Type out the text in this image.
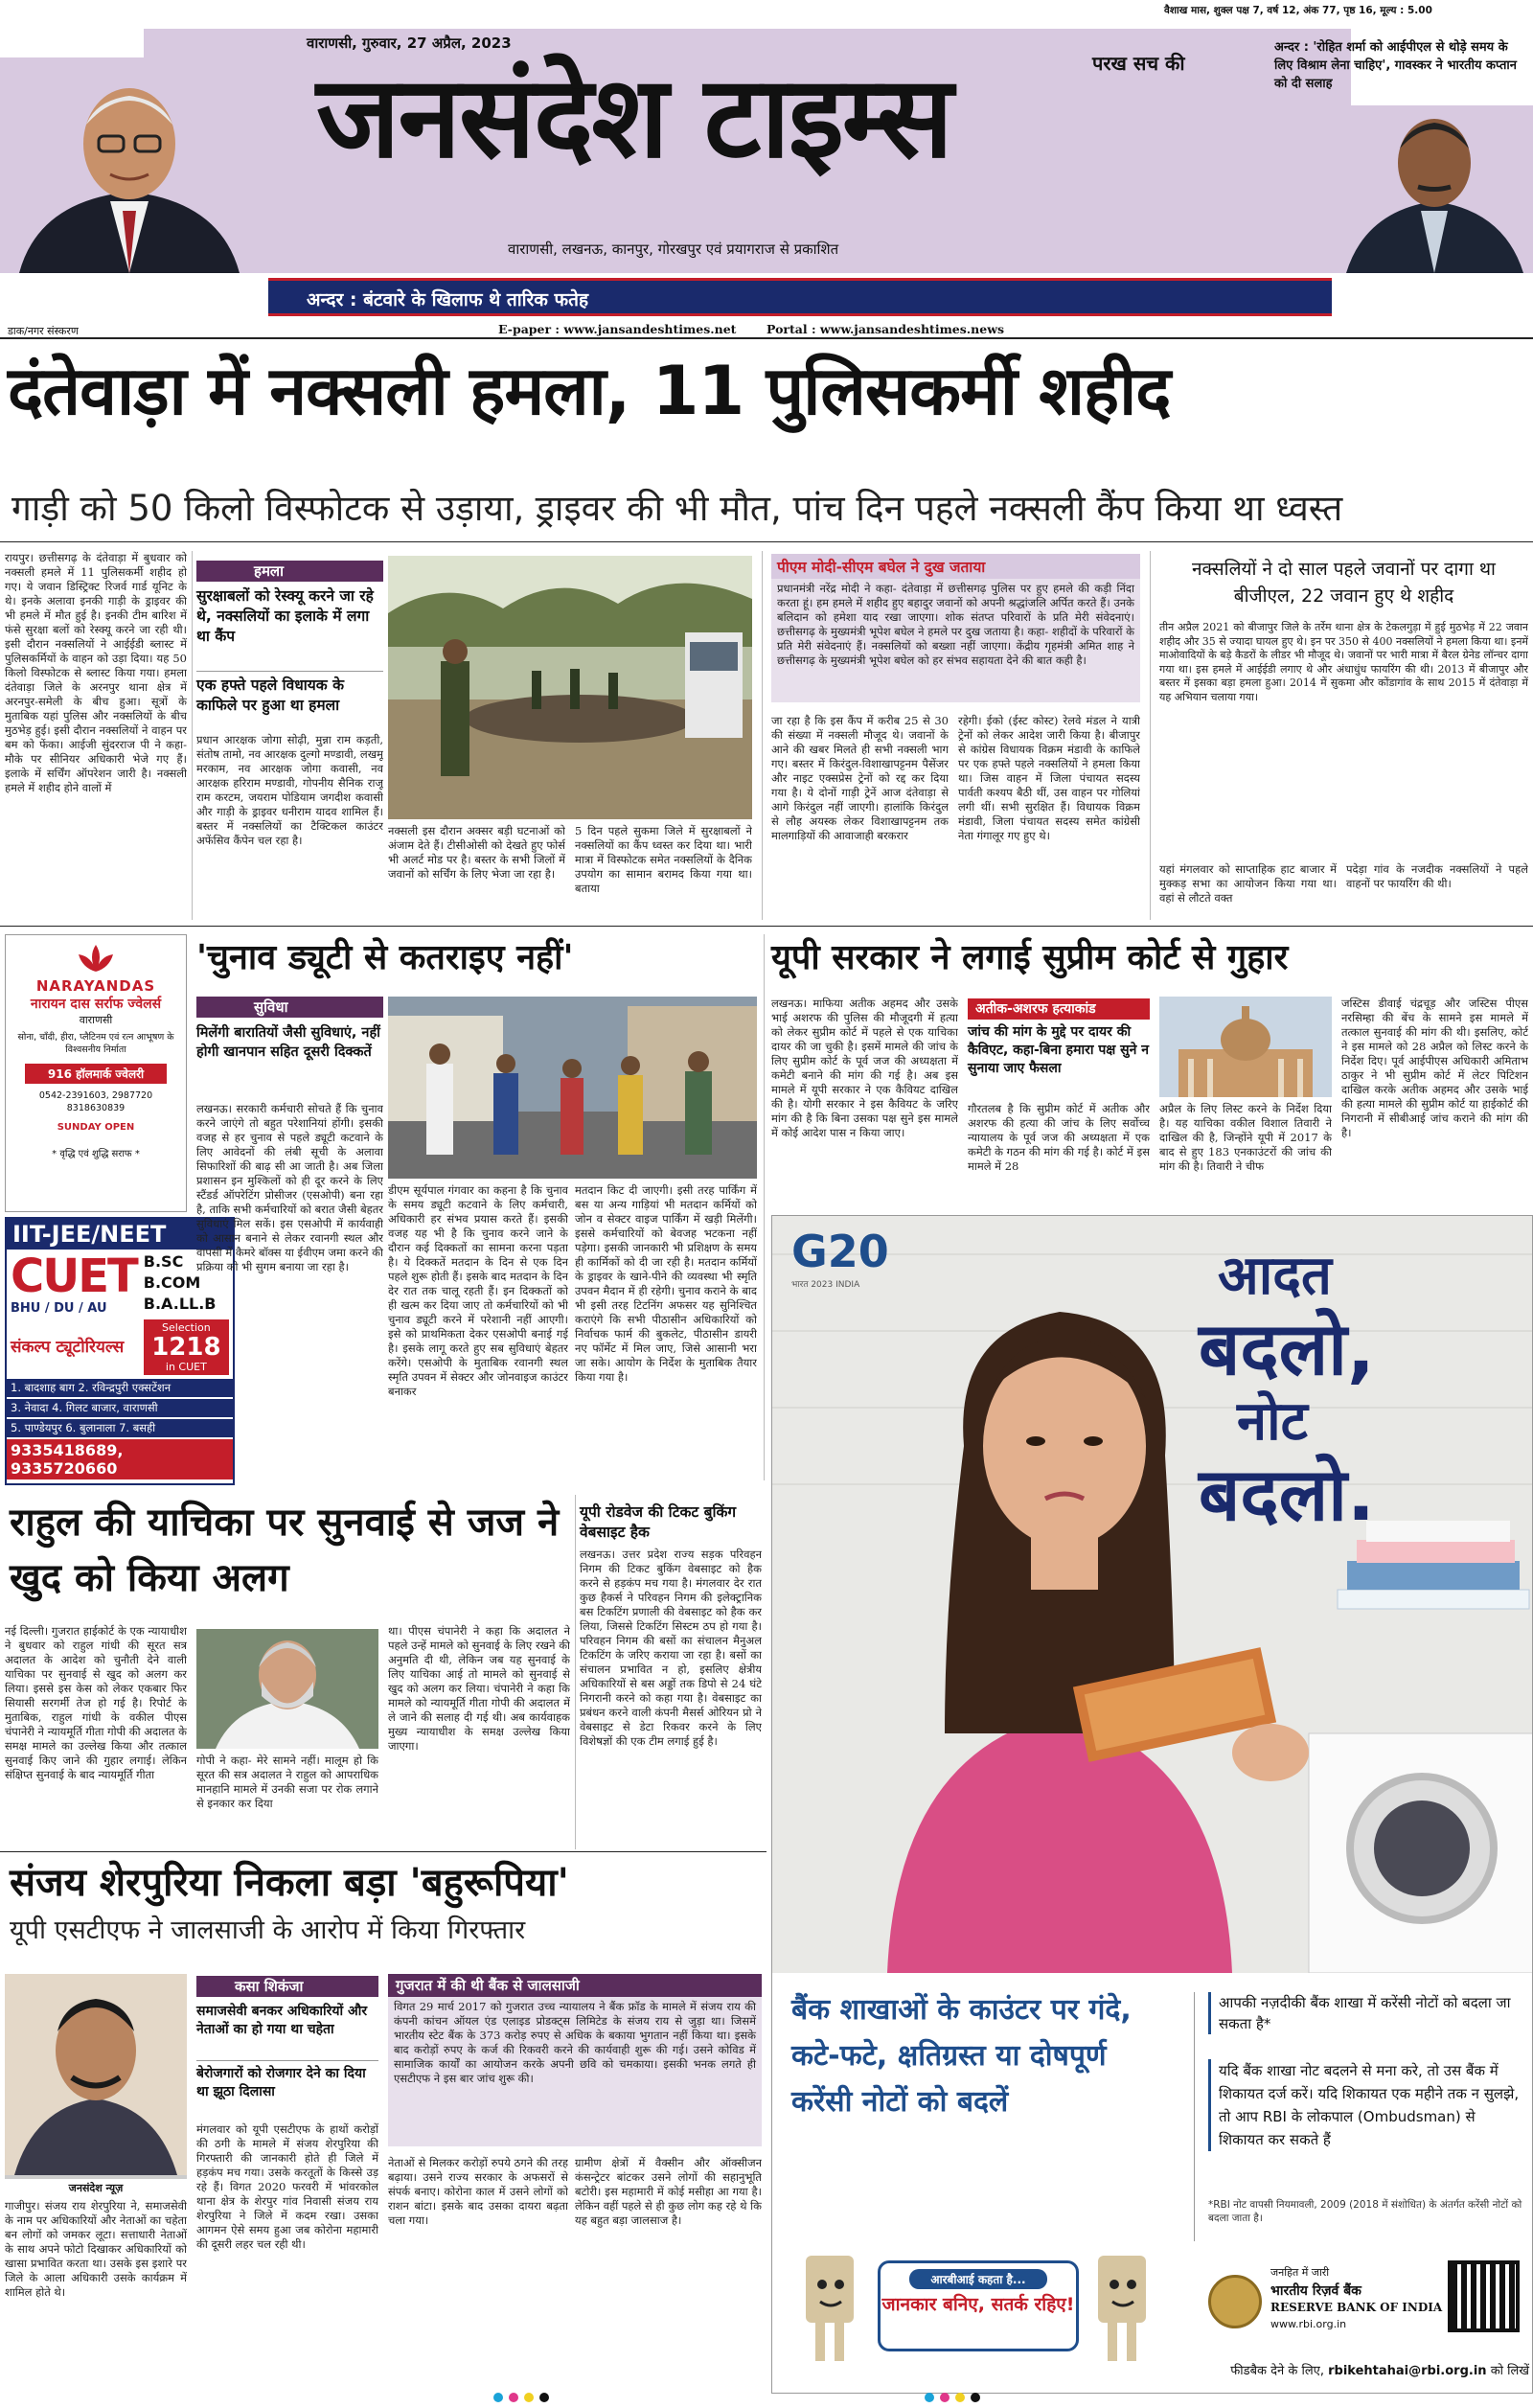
वाराणसी, गुरुवार, 27 अप्रैल, 2023
वैशाख मास, शुक्ल पक्ष 7, वर्ष 12, अंक 77, पृष्ठ 16, मूल्य : 5.00
अन्दर : 'रोहित शर्मा को आईपीएल से थोड़े समय के लिए विश्राम लेना चाहिए', गावस्कर ने भारतीय कप्तान को दी सलाह
जनसंदेश टाइम्स	परख सच की
वाराणसी, लखनऊ, कानपुर, गोरखपुर एवं प्रयागराज से प्रकाशित
अन्दर : बंटवारे के खिलाफ थे तारिक फतेह
डाक/नगर संस्करण	E-paper : www.jansandeshtimes.net	Portal : www.jansandeshtimes.news
दंतेवाड़ा में नक्सली हमला, 11 पुलिसकर्मी शहीद
गाड़ी को 50 किलो विस्फोटक से उड़ाया, ड्राइवर की भी मौत, पांच दिन पहले नक्सली कैंप किया था ध्वस्त
रायपुर। छत्तीसगढ़ के दंतेवाड़ा में बुधवार को नक्सली हमले में 11 पुलिसकर्मी शहीद हो गए। ये जवान डिस्ट्रिक्ट रिजर्व गार्ड यूनिट के थे। इनके अलावा इनकी गाड़ी के ड्राइवर की भी हमले में मौत हुई है। इनकी टीम बारिश में फंसे सुरक्षा बलों को रेस्क्यू करने जा रही थी। इसी दौरान नक्सलियों ने आईईडी ब्लास्ट में पुलिसकर्मियों के वाहन को उड़ा दिया। यह 50 किलो विस्फोटक से ब्लास्ट किया गया। हमला दंतेवाड़ा जिले के अरनपुर थाना क्षेत्र में अरनपुर-समेली के बीच हुआ। सूत्रों के मुताबिक यहां पुलिस और नक्सलियों के बीच मुठभेड़ हुई। इसी दौरान नक्सलियों ने वाहन पर बम को फेंका। आईजी सुंदरराज पी ने कहा- मौके पर सीनियर अधिकारी भेजे गए हैं। इलाके में सर्चिंग ऑपरेशन जारी है। नक्सली हमले में शहीद होने वालों में
हमला
सुरक्षाबलों को रेस्क्यू करने जा रहे थे, नक्सलियों का इलाके में लगा था कैंप
एक हफ्ते पहले विधायक के काफिले पर हुआ था हमला
प्रधान आरक्षक जोगा सोढ़ी, मुन्ना राम कड़ती, संतोष तामो, नव आरक्षक दुल्गो मण्डावी, लखमू मरकाम, नव आरक्षक जोगा कवासी, नव आरक्षक हरिराम मण्डावी, गोपनीय सैनिक राजू राम करटम, जयराम पोडियाम जगदीश कवासी और गाड़ी के ड्राइवर धनीराम यादव शामिल हैं। बस्तर में नक्सलियों का टैक्टिकल काउंटर अफेंसिव कैंपेन चल रहा है।
नक्सली इस दौरान अक्सर बड़ी घटनाओं को अंजाम देते हैं। टीसीओसी को देखते हुए फोर्स भी अलर्ट मोड पर है। बस्तर के सभी जिलों में जवानों को सर्चिंग के लिए भेजा जा रहा है।
5 दिन पहले सुकमा जिले में सुरक्षाबलों ने नक्सलियों का कैंप ध्वस्त कर दिया था। भारी मात्रा में विस्फोटक समेत नक्सलियों के दैनिक उपयोग का सामान बरामद किया गया था। बताया
पीएम मोदी-सीएम बघेल ने दुख जताया
प्रधानमंत्री नरेंद्र मोदी ने कहा- दंतेवाड़ा में छत्तीसगढ़ पुलिस पर हुए हमले की कड़ी निंदा करता हूं। हम हमले में शहीद हुए बहादुर जवानों को अपनी श्रद्धांजलि अर्पित करते हैं। उनके बलिदान को हमेशा याद रखा जाएगा। शोक संतप्त परिवारों के प्रति मेरी संवेदनाएं। छत्तीसगढ़ के मुख्यमंत्री भूपेश बघेल ने हमले पर दुख जताया है। कहा- शहीदों के परिवारों के प्रति मेरी संवेदनाएं हैं। नक्सलियों को बख्शा नहीं जाएगा। केंद्रीय गृहमंत्री अमित शाह ने छत्तीसगढ़ के मुख्यमंत्री भूपेश बघेल को हर संभव सहायता देने की बात कही है।
जा रहा है कि इस कैंप में करीब 25 से 30 की संख्या में नक्सली मौजूद थे। जवानों के आने की खबर मिलते ही सभी नक्सली भाग गए। बस्तर में किरंदुल-विशाखापट्टनम पैसेंजर और नाइट एक्सप्रेस ट्रेनों को रद्द कर दिया गया है। ये दोनों गाड़ी ट्रेनें आज दंतेवाड़ा से आगे किरंदुल नहीं जाएगी। हालांकि किरंदुल से लौह अयस्क लेकर विशाखापट्टनम तक मालगाड़ियों की आवाजाही बरकरार
रहेगी। ईको (ईस्ट कोस्ट) रेलवे मंडल ने यात्री ट्रेनों को लेकर आदेश जारी किया है। बीजापुर से कांग्रेस विधायक विक्रम मंडावी के काफिले पर एक हफ्ते पहले नक्सलियों ने हमला किया था। जिस वाहन में जिला पंचायत सदस्य पार्वती कश्यप बैठी थीं, उस वाहन पर गोलियां लगी थीं। सभी सुरक्षित हैं। विधायक विक्रम मंडावी, जिला पंचायत सदस्य समेत कांग्रेसी नेता गंगालूर गए हुए थे।
नक्सलियों ने दो साल पहले जवानों पर दागा था बीजीएल, 22 जवान हुए थे शहीद
तीन अप्रैल 2021 को बीजापुर जिले के तर्रेम थाना क्षेत्र के टेकलगुड़ा में हुई मुठभेड़ में 22 जवान शहीद और 35 से ज्यादा घायल हुए थे। इन पर 350 से 400 नक्सलियों ने हमला किया था। इनमें माओवादियों के बड़े कैडरों के लीडर भी मौजूद थे। जवानों पर भारी मात्रा में बैरल ग्रेनेड लॉन्चर दागा गया था। इस हमले में आईईडी लगाए थे और अंधाधुंध फायरिंग की थी। 2013 में बीजापुर और बस्तर में इसका बड़ा हमला हुआ। 2014 में सुकमा और कोंडागांव के साथ 2015 में दंतेवाड़ा में यह अभियान चलाया गया।
यहां मंगलवार को साप्ताहिक हाट बाजार में मुक्कड़ सभा का आयोजन किया गया था। वहां से लौटते वक्त
पदेड़ा गांव के नजदीक नक्सलियों ने पहले वाहनों पर फायरिंग की थी।
NARAYANDAS
नारायन दास सर्राफ ज्वेलर्स
वाराणसी
सोना, चाँदी, हीरा, प्लैटिनम एवं रत्न आभूषण के विश्वसनीय निर्माता
916 हॉलमार्क ज्वेलरी
0542-2391603, 2987720 8318630839
SUNDAY OPEN
* वृद्धि एवं शुद्धि सराफ *
IIT-JEE/NEET
CUET
BHU / DU / AU
B.SC B.COM B.A.LL.B
संकल्प ट्यूटोरियल्स
Selection
1218
in CUET
1. बादशाह बाग 2. रविन्द्रपुरी एक्सटेंशन
3. नेवादा 4. गिलट बाजार, वाराणसी
5. पाण्डेयपुर 6. बुलानाला 7. बसही
9335418689, 9335720660
'चुनाव ड्यूटी से कतराइए नहीं'
सुविधा
मिलेंगी बारातियों जैसी सुविधाएं, नहीं होगी खानपान सहित दूसरी दिक्कतें
लखनऊ। सरकारी कर्मचारी सोचते हैं कि चुनाव करने जाएंगे तो बहुत परेशानियां होंगी। इसकी वजह से हर चुनाव से पहले ड्यूटी कटवाने के लिए आवेदनों की लंबी सूची के अलावा सिफारिशों की बाढ़ सी आ जाती है। अब जिला प्रशासन इन मुश्किलों को ही दूर करने के लिए स्टैंडर्ड ऑपरेटिंग प्रोसीजर (एसओपी) बना रहा है, ताकि सभी कर्मचारियों को बरात जैसी बेहतर सुविधाएं मिल सकें। इस एसओपी में कार्यवाही को आसान बनाने से लेकर रवानगी स्थल और वापसी में कैमरे बॉक्स या ईवीएम जमा करने की प्रक्रिया को भी सुगम बनाया जा रहा है।
डीएम सूर्यपाल गंगवार का कहना है कि चुनाव के समय ड्यूटी कटवाने के लिए कर्मचारी, अधिकारी हर संभव प्रयास करते हैं। इसकी वजह यह भी है कि चुनाव करने जाने के दौरान कई दिक्कतों का सामना करना पड़ता है। ये दिक्कतें मतदान के दिन से एक दिन पहले शुरू होती हैं। इसके बाद मतदान के दिन देर रात तक चालू रहती हैं। इन दिक्कतों को ही खत्म कर दिया जाए तो कर्मचारियों को भी चुनाव ड्यूटी करने में परेशानी नहीं आएगी। इसे को प्राथमिकता देकर एसओपी बनाई गई है। इसके लागू करते हुए सब सुविधाएं बेहतर करेंगे। एसओपी के मुताबिक रवानगी स्थल स्मृति उपवन में सेक्टर और जोनवाइज काउंटर बनाकर
मतदान किट दी जाएगी। इसी तरह पार्किंग में बस या अन्य गाड़ियां भी मतदान कर्मियों को जोन व सेक्टर वाइज पार्किंग में खड़ी मिलेंगी। इससे कर्मचारियों को बेवजह भटकना नहीं पड़ेगा। इसकी जानकारी भी प्रशिक्षण के समय ही कार्मिकों को दी जा रही है। मतदान कर्मियों के ड्राइवर के खाने-पीने की व्यवस्था भी स्मृति उपवन मैदान में ही रहेगी। चुनाव कराने के बाद भी इसी तरह टिटनिंग अफसर यह सुनिश्चित कराएंगे कि सभी पीठासीन अधिकारियों को निर्वाचक फार्म की बुकलेट, पीठासीन डायरी नए फॉर्मेट में मिल जाए, जिसे आसानी भरा जा सके। आयोग के निर्देश के मुताबिक तैयार किया गया है।
यूपी सरकार ने लगाई सुप्रीम कोर्ट से गुहार
लखनऊ। माफिया अतीक अहमद और उसके भाई अशरफ की पुलिस की मौजूदगी में हत्या को लेकर सुप्रीम कोर्ट में पहले से एक याचिका दायर की जा चुकी है। इसमें मामले की जांच के लिए सुप्रीम कोर्ट के पूर्व जज की अध्यक्षता में कमेटी बनाने की मांग की गई है। अब इस मामले में यूपी सरकार ने एक कैवियट दाखिल की है। योगी सरकार ने इस कैवियट के जरिए मांग की है कि बिना उसका पक्ष सुने इस मामले में कोई आदेश पास न किया जाए।
अतीक-अशरफ हत्याकांड
जांच की मांग के मुद्दे पर दायर की कैविएट, कहा-बिना हमारा पक्ष सुने न सुनाया जाए फैसला
गौरतलब है कि सुप्रीम कोर्ट में अतीक और अशरफ की हत्या की जांच के लिए सर्वोच्च न्यायालय के पूर्व जज की अध्यक्षता में एक कमेटी के गठन की मांग की गई है। कोर्ट में इस मामले में 28
अप्रैल के लिए लिस्ट करने के निर्देश दिया है। यह याचिका वकील विशाल तिवारी ने दाखिल की है, जिन्होंने यूपी में 2017 के बाद से हुए 183 एनकाउंटरों की जांच की मांग की है। तिवारी ने चीफ
जस्टिस डीवाई चंद्रचूड़ और जस्टिस पीएस नरसिम्हा की बेंच के सामने इस मामले में तत्काल सुनवाई की मांग की थी। इसलिए, कोर्ट ने इस मामले को 28 अप्रैल को लिस्ट करने के निर्देश दिए। पूर्व आईपीएस अधिकारी अमिताभ ठाकुर ने भी सुप्रीम कोर्ट में लेटर पिटिशन दाखिल करके अतीक अहमद और उसके भाई की हत्या मामले की सुप्रीम कोर्ट या हाईकोर्ट की निगरानी में सीबीआई जांच कराने की मांग की है।
G20
भारत 2023 INDIA	आदत
बदलो,
नोट
बदलो.
बैंक शाखाओं के काउंटर पर गंदे, कटे-फटे, क्षतिग्रस्त या दोषपूर्ण करेंसी नोटों को बदलें
आपकी नज़दीकी बैंक शाखा में करेंसी नोटों को बदला जा सकता है*
यदि बैंक शाखा नोट बदलने से मना करे, तो उस बैंक में शिकायत दर्ज करें। यदि शिकायत एक महीने तक न सुलझे, तो आप RBI के लोकपाल (Ombudsman) से शिकायत कर सकते हैं
*RBI नोट वापसी नियमावली, 2009 (2018 में संशोधित) के अंतर्गत करेंसी नोटों को बदला जाता है।
आरबीआई कहता है...
जानकार बनिए, सतर्क रहिए!
जनहित में जारी
भारतीय रिज़र्व बैंक
RESERVE BANK OF INDIA
www.rbi.org.in
फीडबैक देने के लिए, rbikehtahai@rbi.org.in को लिखें
राहुल की याचिका पर सुनवाई से जज ने खुद को किया अलग
नई दिल्ली। गुजरात हाईकोर्ट के एक न्यायाधीश ने बुधवार को राहुल गांधी की सूरत सत्र अदालत के आदेश को चुनौती देने वाली याचिका पर सुनवाई से खुद को अलग कर लिया। इससे इस केस को लेकर एकबार फिर सियासी सरगर्मी तेज हो गई है। रिपोर्ट के मुताबिक, राहुल गांधी के वकील पीएस चंपानेरी ने न्यायमूर्ति गीता गोपी की अदालत के समक्ष मामले का उल्लेख किया और तत्काल सुनवाई किए जाने की गुहार लगाई। लेकिन संक्षिप्त सुनवाई के बाद न्यायमूर्ति गीता
गोपी ने कहा- मेरे सामने नहीं। मालूम हो कि सूरत की सत्र अदालत ने राहुल को आपराधिक मानहानि मामले में उनकी सजा पर रोक लगाने से इनकार कर दिया
था। पीएस चंपानेरी ने कहा कि अदालत ने पहले उन्हें मामले को सुनवाई के लिए रखने की अनुमति दी थी, लेकिन जब यह सुनवाई के लिए याचिका आई तो मामले को सुनवाई से खुद को अलग कर लिया। चंपानेरी ने कहा कि मामले को न्यायमूर्ति गीता गोपी की अदालत में ले जाने की सलाह दी गई थी। अब कार्यवाहक मुख्य न्यायाधीश के समक्ष उल्लेख किया जाएगा।
यूपी रोडवेज की टिकट बुकिंग वेबसाइट हैक
लखनऊ। उत्तर प्रदेश राज्य सड़क परिवहन निगम की टिकट बुकिंग वेबसाइट को हैक करने से हड़कंप मच गया है। मंगलवार देर रात कुछ हैकर्स ने परिवहन निगम की इलेक्ट्रानिक बस टिकटिंग प्रणाली की वेबसाइट को हैक कर लिया, जिससे टिकटिंग सिस्टम ठप हो गया है। परिवहन निगम की बसों का संचालन मैनुअल टिकटिंग के जरिए कराया जा रहा है। बसों का संचालन प्रभावित न हो, इसलिए क्षेत्रीय अधिकारियों से बस अड्डों तक डिपो से 24 घंटे निगरानी करने को कहा गया है। वेबसाइट का प्रबंधन करने वाली कंपनी मैसर्स ओरियन प्रो ने वेबसाइट से डेटा रिकवर करने के लिए विशेषज्ञों की एक टीम लगाई हुई है।
संजय शेरपुरिया निकला बड़ा 'बहुरूपिया'
यूपी एसटीएफ ने जालसाजी के आरोप में किया गिरफ्तार
जनसंदेश न्यूज़
गाजीपुर। संजय राय शेरपुरिया ने, समाजसेवी के नाम पर अधिकारियों और नेताओं का चहेता बन लोगों को जमकर लूटा। सत्ताधारी नेताओं के साथ अपने फोटो दिखाकर अधिकारियों को खासा प्रभावित करता था। उसके इस इशारे पर जिले के आला अधिकारी उसके कार्यक्रम में शामिल होते थे।
कसा शिकंजा
समाजसेवी बनकर अधिकारियों और नेताओं का हो गया था चहेता
बेरोजगारों को रोजगार देने का दिया था झूठा दिलासा
मंगलवार को यूपी एसटीएफ के हाथों करोड़ों की ठगी के मामले में संजय शेरपुरिया की गिरफ्तारी की जानकारी होते ही जिले में हड़कंप मच गया। उसके करतूतों के किस्से उड़ रहे हैं। विगत 2020 फरवरी में भांवरकोल थाना क्षेत्र के शेरपुर गांव निवासी संजय राय शेरपुरिया ने जिले में कदम रखा। उसका आगमन ऐसे समय हुआ जब कोरोना महामारी की दूसरी लहर चल रही थी।
गुजरात में की थी बैंक से जालसाजी
विगत 29 मार्च 2017 को गुजरात उच्च न्यायालय ने बैंक फ्रॉड के मामले में संजय राय की कंपनी कांचन ऑयल एंड एलाइड प्रोडक्ट्स लिमिटेड के संजय राय से जुड़ा था। जिसमें भारतीय स्टेट बैंक के 373 करोड़ रुपए से अधिक के बकाया भुगतान नहीं किया था। इसके बाद करोड़ों रुपए के कर्ज की रिकवरी करने की कार्यवाही शुरू की गई। उसने कोविड में सामाजिक कार्यों का आयोजन करके अपनी छवि को चमकाया। इसकी भनक लगते ही एसटीएफ ने इस बार जांच शुरू की।
नेताओं से मिलकर करोड़ों रुपये ठगने की तरह बढ़ाया। उसने राज्य सरकार के अफसरों से संपर्क बनाए। कोरोना काल में उसने लोगों को राशन बांटा। इसके बाद उसका दायरा बढ़ता चला गया।
ग्रामीण क्षेत्रों में वैक्सीन और ऑक्सीजन कंसन्ट्रेटर बांटकर उसने लोगों की सहानुभूति बटोरी। इस महामारी में कोई मसीहा आ गया है। लेकिन वहीं पहले से ही कुछ लोग कह रहे थे कि यह बहुत बड़ा जालसाज है।
